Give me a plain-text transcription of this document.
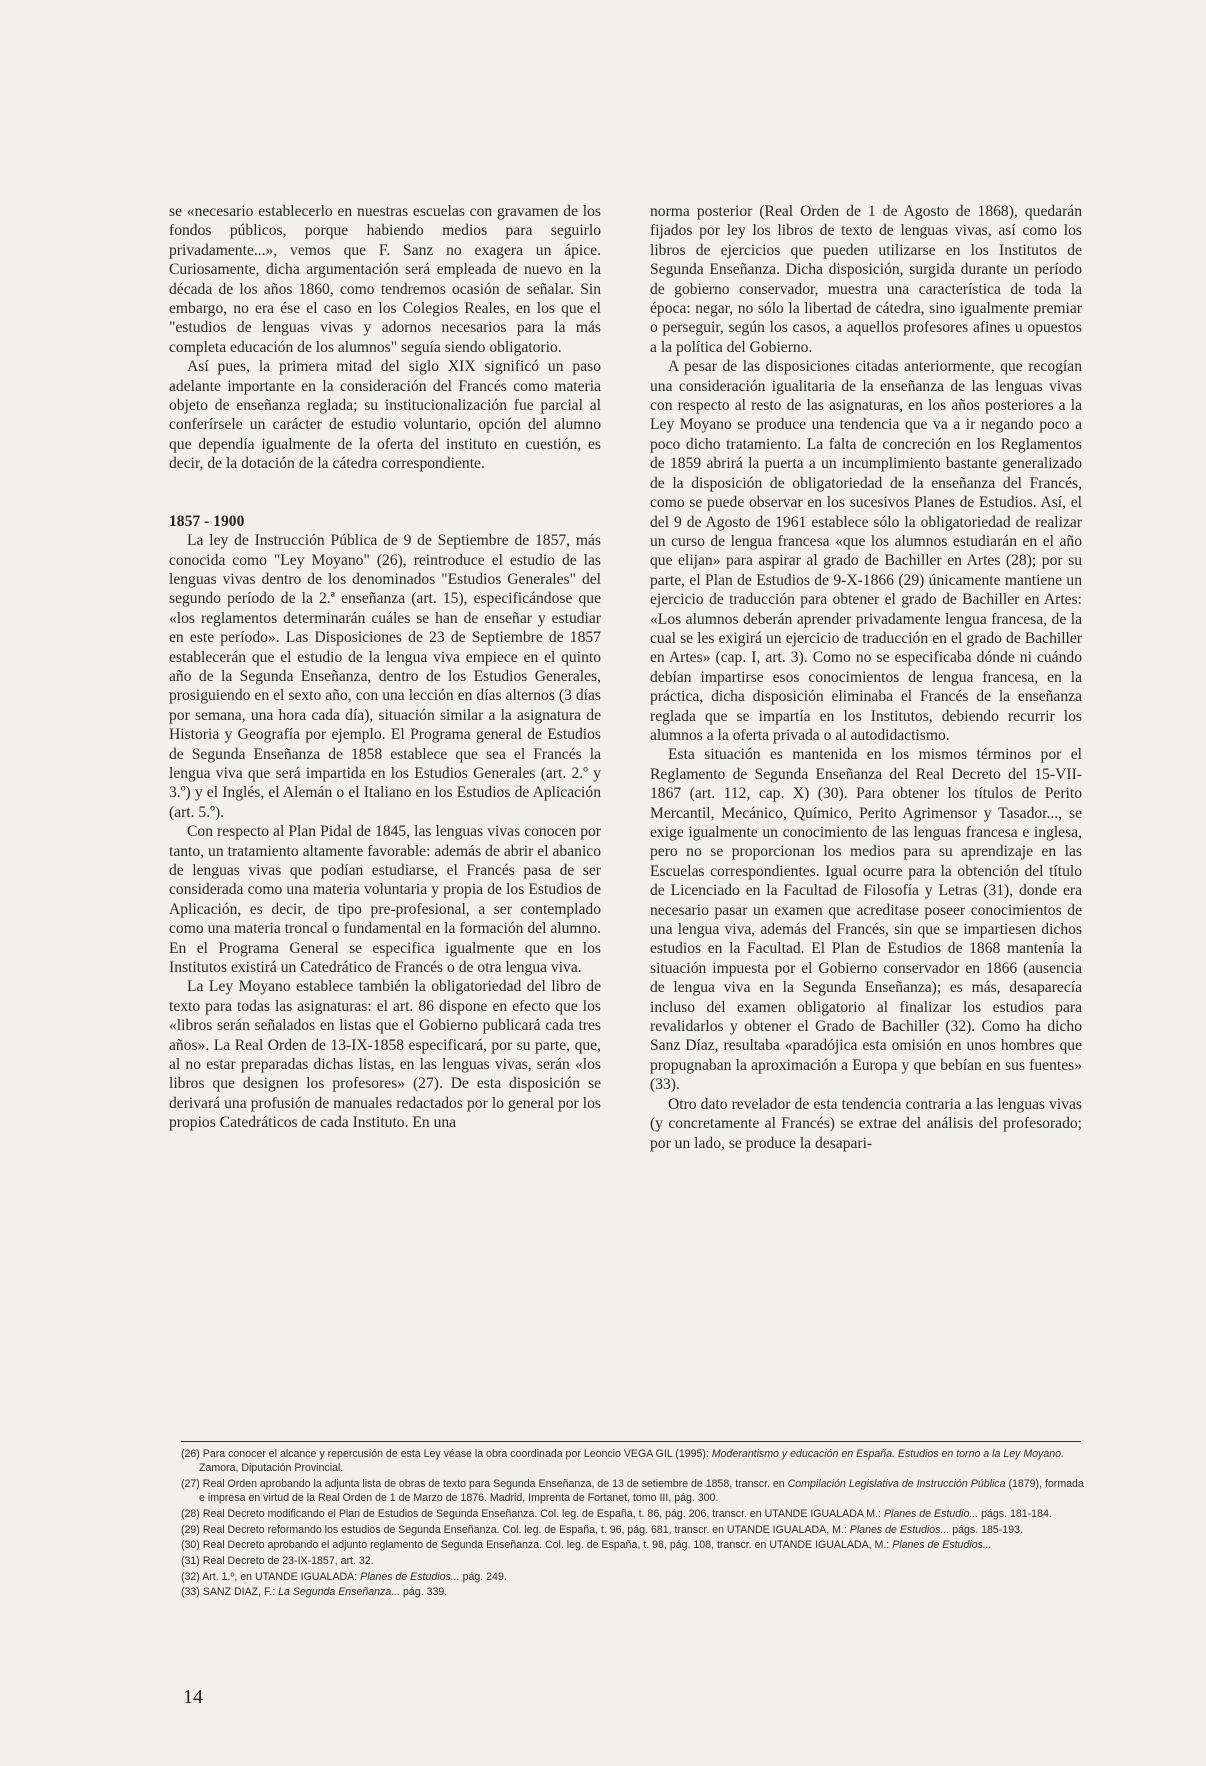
se «necesario establecerlo en nuestras escuelas con gravamen de los fondos públicos, porque habiendo medios para seguirlo privadamente...», vemos que F. Sanz no exagera un ápice. Curiosamente, dicha argumentación será empleada de nuevo en la década de los años 1860, como tendremos ocasión de señalar. Sin embargo, no era ése el caso en los Colegios Reales, en los que el "estudios de lenguas vivas y adornos necesarios para la más completa educación de los alumnos" seguía siendo obligatorio.

Así pues, la primera mitad del siglo XIX significó un paso adelante importante en la consideración del Francés como materia objeto de enseñanza reglada; su institucionalización fue parcial al conferírsele un carácter de estudio voluntario, opción del alumno que dependía igualmente de la oferta del instituto en cuestión, es decir, de la dotación de la cátedra correspondiente.

1857 - 1900

La ley de Instrucción Pública de 9 de Septiembre de 1857, más conocida como "Ley Moyano" (26), reintroduce el estudio de las lenguas vivas dentro de los denominados "Estudios Generales" del segundo período de la 2.ª enseñanza (art. 15), especificándose que «los reglamentos determinarán cuáles se han de enseñar y estudiar en este período». Las Disposiciones de 23 de Septiembre de 1857 establecerán que el estudio de la lengua viva empiece en el quinto año de la Segunda Enseñanza, dentro de los Estudios Generales, prosiguiendo en el sexto año, con una lección en días alternos (3 días por semana, una hora cada día), situación similar a la asignatura de Historia y Geografía por ejemplo. El Programa general de Estudios de Segunda Enseñanza de 1858 establece que sea el Francés la lengua viva que será impartida en los Estudios Generales (art. 2.º y 3.º) y el Inglés, el Alemán o el Italiano en los Estudios de Aplicación (art. 5.º).

Con respecto al Plan Pidal de 1845, las lenguas vivas conocen por tanto, un tratamiento altamente favorable: además de abrir el abanico de lenguas vivas que podían estudiarse, el Francés pasa de ser considerada como una materia voluntaria y propia de los Estudios de Aplicación, es decir, de tipo pre-profesional, a ser contemplado como una materia troncal o fundamental en la formación del alumno. En el Programa General se especifica igualmente que en los Institutos existirá un Catedrático de Francés o de otra lengua viva.

La Ley Moyano establece también la obligatoriedad del libro de texto para todas las asignaturas: el art. 86 dispone en efecto que los «libros serán señalados en listas que el Gobierno publicará cada tres años». La Real Orden de 13-IX-1858 especificará, por su parte, que, al no estar preparadas dichas listas, en las lenguas vivas, serán «los libros que designen los profesores» (27). De esta disposición se derivará una profusión de manuales redactados por lo general por los propios Catedráticos de cada Instituto. En una

norma posterior (Real Orden de 1 de Agosto de 1868), quedarán fijados por ley los libros de texto de lenguas vivas, así como los libros de ejercicios que pueden utilizarse en los Institutos de Segunda Enseñanza. Dicha disposición, surgida durante un período de gobierno conservador, muestra una característica de toda la época: negar, no sólo la libertad de cátedra, sino igualmente premiar o perseguir, según los casos, a aquellos profesores afines u opuestos a la política del Gobierno.

A pesar de las disposiciones citadas anteriormente, que recogían una consideración igualitaria de la enseñanza de las lenguas vivas con respecto al resto de las asignaturas, en los años posteriores a la Ley Moyano se produce una tendencia que va a ir negando poco a poco dicho tratamiento. La falta de concreción en los Reglamentos de 1859 abrirá la puerta a un incumplimiento bastante generalizado de la disposición de obligatoriedad de la enseñanza del Francés, como se puede observar en los sucesivos Planes de Estudios. Así, el del 9 de Agosto de 1961 establece sólo la obligatoriedad de realizar un curso de lengua francesa «que los alumnos estudiarán en el año que elijan» para aspirar al grado de Bachiller en Artes (28); por su parte, el Plan de Estudios de 9-X-1866 (29) únicamente mantiene un ejercicio de traducción para obtener el grado de Bachiller en Artes: «Los alumnos deberán aprender privadamente lengua francesa, de la cual se les exigirá un ejercicio de traducción en el grado de Bachiller en Artes» (cap. I, art. 3). Como no se especificaba dónde ni cuándo debían impartirse esos conocimientos de lengua francesa, en la práctica, dicha disposición eliminaba el Francés de la enseñanza reglada que se impartía en los Institutos, debiendo recurrir los alumnos a la oferta privada o al autodidactismo.

Esta situación es mantenida en los mismos términos por el Reglamento de Segunda Enseñanza del Real Decreto del 15-VII-1867 (art. 112, cap. X) (30). Para obtener los títulos de Perito Mercantil, Mecánico, Químico, Perito Agrimensor y Tasador..., se exige igualmente un conocimiento de las lenguas francesa e inglesa, pero no se proporcionan los medios para su aprendizaje en las Escuelas correspondientes. Igual ocurre para la obtención del título de Licenciado en la Facultad de Filosofía y Letras (31), donde era necesario pasar un examen que acreditase poseer conocimientos de una lengua viva, además del Francés, sin que se impartiesen dichos estudios en la Facultad. El Plan de Estudios de 1868 mantenía la situación impuesta por el Gobierno conservador en 1866 (ausencia de lengua viva en la Segunda Enseñanza); es más, desaparecía incluso del examen obligatorio al finalizar los estudios para revalidarlos y obtener el Grado de Bachiller (32). Como ha dicho Sanz Díaz, resultaba «paradójica esta omisión en unos hombres que propugnaban la aproximación a Europa y que bebían en sus fuentes» (33).

Otro dato revelador de esta tendencia contraria a las lenguas vivas (y concretamente al Francés) se extrae del análisis del profesorado; por un lado, se produce la desapari-

(26) Para conocer el alcance y repercusión de esta Ley véase la obra coordinada por Leoncio VEGA GIL (1995): Moderantismo y educación en España. Estudios en torno a la Ley Moyano. Zamora, Diputación Provincial.

(27) Real Orden aprobando la adjunta lista de obras de texto para Segunda Enseñanza, de 13 de setiembre de 1858, transcr. en Compilación Legislativa de Instrucción Pública (1879), formada e impresa en virtud de la Real Orden de 1 de Marzo de 1876. Madrid, Imprenta de Fortanet, tomo III, pág. 300.

(28) Real Decreto modificando el Plan de Estudios de Segunda Enseñanza. Col. leg. de España, t. 86, pág. 206, transcr. en UTANDE IGUALADA M.: Planes de Estudio... págs. 181-184.

(29) Real Decreto reformando los estudios de Segunda Enseñanza. Col. leg. de España, t. 96, pág. 681, transcr. en UTANDE IGUALADA, M.: Planes de Estudios... págs. 185-193.

(30) Real Decreto aprobando el adjunto reglamento de Segunda Enseñanza. Col. leg. de España, t. 98, pág. 108, transcr. en UTANDE IGUALADA, M.: Planes de Estudios...

(31) Real Decreto de 23-IX-1857, art. 32.

(32) Art. 1.º, en UTANDE IGUALADA: Planes de Estudios... pág. 249.

(33) SANZ DIAZ, F.: La Segunda Enseñanza... pág. 339.

14
